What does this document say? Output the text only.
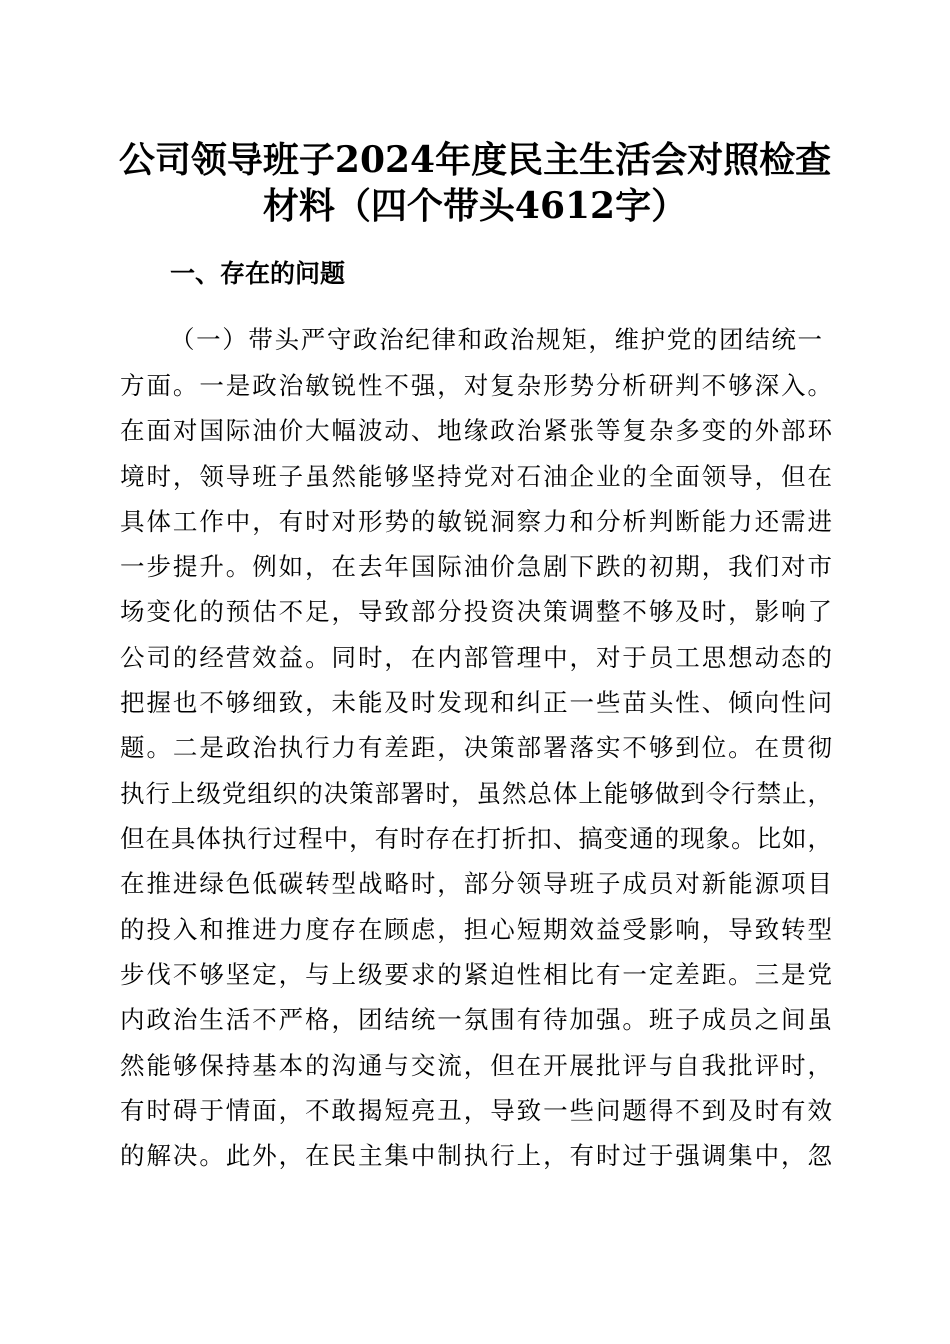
公司领导班子2024年度民主生活会对照检查
材料（四个带头4612字）
一、存在的问题

（一）带头严守政治纪律和政治规矩，维护党的团结统一

方面。一是政治敏锐性不强，对复杂形势分析研判不够深入。

在面对国际油价大幅波动、地缘政治紧张等复杂多变的外部环

境时，领导班子虽然能够坚持党对石油企业的全面领导，但在

具体工作中，有时对形势的敏锐洞察力和分析判断能力还需进

一步提升。例如，在去年国际油价急剧下跌的初期，我们对市

场变化的预估不足，导致部分投资决策调整不够及时，影响了

公司的经营效益。同时，在内部管理中，对于员工思想动态的

把握也不够细致，未能及时发现和纠正一些苗头性、倾向性问

题。二是政治执行力有差距，决策部署落实不够到位。在贯彻

执行上级党组织的决策部署时，虽然总体上能够做到令行禁止，

但在具体执行过程中，有时存在打折扣、搞变通的现象。比如，

在推进绿色低碳转型战略时，部分领导班子成员对新能源项目

的投入和推进力度存在顾虑，担心短期效益受影响，导致转型

步伐不够坚定，与上级要求的紧迫性相比有一定差距。三是党

内政治生活不严格，团结统一氛围有待加强。班子成员之间虽

然能够保持基本的沟通与交流，但在开展批评与自我批评时，

有时碍于情面，不敢揭短亮丑，导致一些问题得不到及时有效

的解决。此外，在民主集中制执行上，有时过于强调集中，忽
